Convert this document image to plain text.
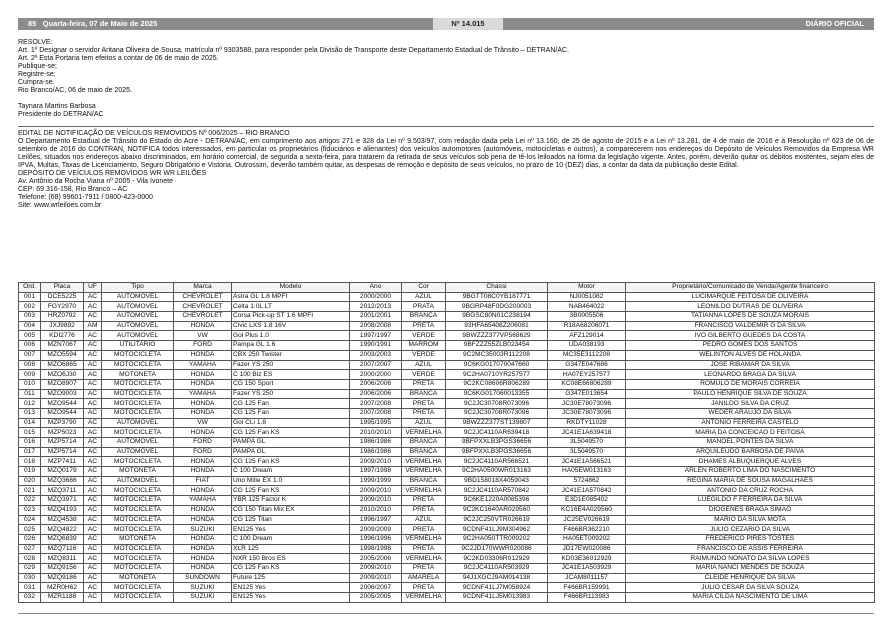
85 Quarta-feira, 07 de Maio de 2025	Nº 14.015	DIÁRIO OFICIAL

RESOLVE:

Art. 1º Designar o servidor Aritana Oliveira de Sousa, matrícula nº 9303588, para responder pela Divisão de Transporte deste Departamento Estadual de Trânsito – DETRAN/AC.

Art. 2º Esta Portaria tem efeitos a contar de 06 de maio de 2025.

Publique-se;

Registre-se;

Cumpra-se.

Rio Branco/AC, 06 de maio de 2025.

Taynara Martins Barbosa

Presidente do DETRAN/AC

EDITAL DE NOTIFICAÇÃO DE VEÍCULOS REMOVIDOS Nº 006/2025 – RIO BRANCO

O Departamento Estadual de Trânsito do Estado do Acre - DETRAN/AC, em cumprimento aos artigos 271 e 328 da Lei nº 9.503/97, com redação dada pela Lei nº 13.160, de 25 de agosto de 2015 e a Lei nº 13.281, de 4 de maio de 2016 e à Resolução nº 623 de 06 de setembro de 2016 do CONTRAN, NOTIFICA todos interessados, em particular os proprietários (fiduciários e alienantes) dos veículos automotores (automóveis, motocicletas e outros), a comparecerem nos endereços do Depósito de Veículos Removidos da Empresa WR Leilões, situados nos endereços abaixo discriminados, em horário comercial, de segunda a sexta-feira, para tratarem da retirada de seus veículos sob pena de tê-los leiloados na forma da legislação vigente. Antes, porém, deverão quitar os débitos existentes, sejam eles de IPVA, Multas, Taxas de Licenciamento, Seguro Obrigatório e Vistoria. Outrossim, deverão também quitar, as despesas de remoção e depósito de seus veículos, no prazo de 10 (DEZ) dias, a contar da data da publicação deste Edital.

DEPÓSITO DE VEÍCULOS REMOVIDOS WR WR LEILÕES

Av. Antônio da Rocha Viana nº 2005 - Vila Ivonete

CEP: 69.316-158, Rio Branco – AC

Telefone: (68) 99601-7911 / 0800-423-0000

Site: www.wrleiloes.com.br

Ord.	Placa	UF	Tipo	Marca	Modelo	Ano	Cor	Chassi	Motor	Proprietário/Comunicado de Venda/Agente financeiro
001	DCE5225	AC	AUTOMOVEL	CHEVROLET	Astra GL 1.8 MPFI	2000/2000	AZUL	9BGTT08C0YB187771	NJ0051082	LUCIMARQUE FEITOSA DE OLIVEIRA
002	FGY2970	AC	AUTOMOVEL	CHEVROLET	Celta 1.0L LT	2012/2013	PRATA	9BGRP48F0DG200003	NAB464022	LEONILDO DUTRAS DE OLIVEIRA
003	HRZ0792	AC	AUTOMOVEL	CHEVROLET	Corsa Pick-up ST 1.6 MPFI	2001/2001	BRANCA	9BGSC80N01C238194	3B0005506	TATIANNA LOPES DE SOUZA MORAIS
004	JXJ9892	AM	AUTOMOVEL	HONDA	Civic LXS 1.8 16V	2008/2008	PRETA	93HFA65408Z206081	R18A68206071	FRANCISCO VALDEMIR G DA SILVA
005	KDI2776	AC	AUTOMOVEL	VW	Gol Plus 1.0	1997/1997	VERDE	9BWZZZ377VP568629	AFZ129014	IVO GILBERTO GUEDES DA COSTA
006	MZN7067	AC	UTILITARIO	FORD	Pampa GL 1.6	1990/1991	MARROM	9BFZZZ55ZLB023454	UDA038193	PEDRO GOMES DOS SANTOS
007	MZO5594	AC	MOTOCICLETA	HONDA	CBX 250 Twister	2003/2003	VERDE	9C2MC35003R112208	MC35E3112208	WELINTON ALVES DE HOLANDA
008	MZO6865	AC	MOTOCICLETA	YAMAHA	Fazer YS 250	2007/2007	AZUL	9C6KG017070047660	G347E047686	JOSE RIBAMAR DA SILVA
009	MZO6J30	AC	MOTONETA	HONDA	C 100 Biz ES	2000/2000	VERDE	9C2HA0710YR257577	HA07EY257577	LEONARDO BRAGA DA SILVA
010	MZO8907	AC	MOTOCICLETA	HONDA	CG 150 Sport	2006/2006	PRETA	9C2KC08606R806289	KC08E66806289	ROMULO DE MORAIS CORREIA
011	MZO9003	AC	MOTOCICLETA	YAMAHA	Fazer YS 250	2006/2006	BRANCA	9C6KG017060013355	G347E013654	PAULO HENRIQUE SILVA DE SOUZA
012	MZO9544	AC	MOTOCICLETA	HONDA	CG 125 Fan	2007/2008	PRETA	9C2JC30708R073096	JC30E78073096	JANILDO SILVA DA CRUZ
013	MZO9544	AC	MOTOCICLETA	HONDA	CG 125 Fan	2007/2008	PRETA	9C2JC30708R073096	JC30E78073096	WEDER ARAUJO DA SILVA
014	MZP3790	AC	AUTOMOVEL	VW	Gol CLi 1.8	1995/1995	AZUL	9BWZZZ377ST139807	RKDTY11028	ANTONIO FERREIRA CASTELO
015	MZP5023	AC	MOTOCICLETA	HONDA	CG 125 Fan KS	2010/2010	VERMELHA	9C2JC4110AR639418	JC41E1A639418	MARIA DA CONCEICAO D FEITOSA
016	MZP5714	AC	AUTOMOVEL	FORD	PAMPA GL	1986/1986	BRANCA	9BFPXXLB3PGS36656	3L5049570	MANOEL PONTES DA SILVA
017	MZP5714	AC	AUTOMOVEL	FORD	PAMPA GL	1986/1986	BRANCA	9BFPXXLB3PGS36656	3L5049570	ARQUILEUDO BARBOSA DE PAIVA
018	MZP7411	AC	MOTOCICLETA	HONDA	CG 125 Fan KS	2009/2010	VERMELHA	9C2JC4110AR566521	JC41E1A566521	DHAMES ALBUQUERQUE ALVES
019	MZQ0179	AC	MOTONETA	HONDA	C 100 Dream	1997/1998	VERMELHA	9C2HA0500WR013163	HA05EW013163	ARLEN ROBERTO LIMA DO NASCIMENTO
020	MZQ3686	AC	AUTOMOVEL	FIAT	Uno Mille EX 1.0	1999/1999	BRANCA	9BD158018X4059043	5724862	REGINA MARIA DE SOUSA MAGALHAES
021	MZQ3711	AC	MOTOCICLETA	HONDA	CG 125 Fan KS	2009/2010	VERMELHA	9C2JC4110AR570842	JC41E1A570842	ANTONIO DA CRUZ ROCHA
022	MZQ3971	AC	MOTOCICLETA	YAMAHA	YBR 125 Factor K	2009/2010	PRETA	9C6KE1220A0085396	E3D1E085402	LUEGILDO F FERREIRA DA SILVA
023	MZQ4193	AC	MOTOCICLETA	HONDA	CG 150 Titan Mix EX	2010/2010	PRETA	9C2KC1640AR029560	KC16E4A029560	DIOGENES BRAGA SIMAO
024	MZQ4538	AC	MOTOCICLETA	HONDA	CG 125 Titan	1996/1997	AZUL	9C2JC250VTR026619	JC25EV026619	MARIO DA SILVA MOTA
025	MZQ4822	AC	MOTOCICLETA	SUZUKI	EN125 Yes	2009/2009	PRETA	9CDNF41LJ9M304962	F466BR362210	JULIO CEZARIO DA SILVA
026	MZQ6839	AC	MOTONETA	HONDA	C 100 Dream	1996/1996	VERMELHA	9C2HA050TTR009202	HA05ET009202	FREDERICO PIRES TOSTES
027	MZQ7116	AC	MOTOCICLETA	HONDA	XLR 125	1998/1998	PRETA	9C2JD170WWR020086	JD17EW020086	FRANCISCO DE ASSIS FERREIRA
028	MZQ8311	AC	MOTOCICLETA	HONDA	NXR 150 Bros ES	2005/2006	VERMELHA	9C2KD03306R012929	KD03E36012929	RAIMUNDO NONATO DA SILVA LOPES
029	MZQ9156	AC	MOTOCICLETA	HONDA	CG 125 Fan KS	2009/2010	PRETA	9C2JC4110AR503929	JC41E1A503929	MARIA NANCI MENDES DE SOUZA
030	MZQ9186	AC	MOTONETA	SUNDOWN	Future 125	2009/2010	AMARELA	94J1XGCJ9AM014138	JCAM8011157	CLEIDE HENRIQUE DA SILVA
031	MZR0H62	AC	MOTOCICLETA	SUZUKI	EN125 Yes	2006/2007	PRETA	9CDNF41LJ7M058924	F466BR159991	JULIO CESAR DA SILVA SOUZA
032	MZR1188	AC	MOTOCICLETA	SUZUKI	EN125 Yes	2005/2005	VERMELHA	9CDNF41LJ5M013983	F466BR113983	MARIA CILDA NASCIMENTO DE LIMA
